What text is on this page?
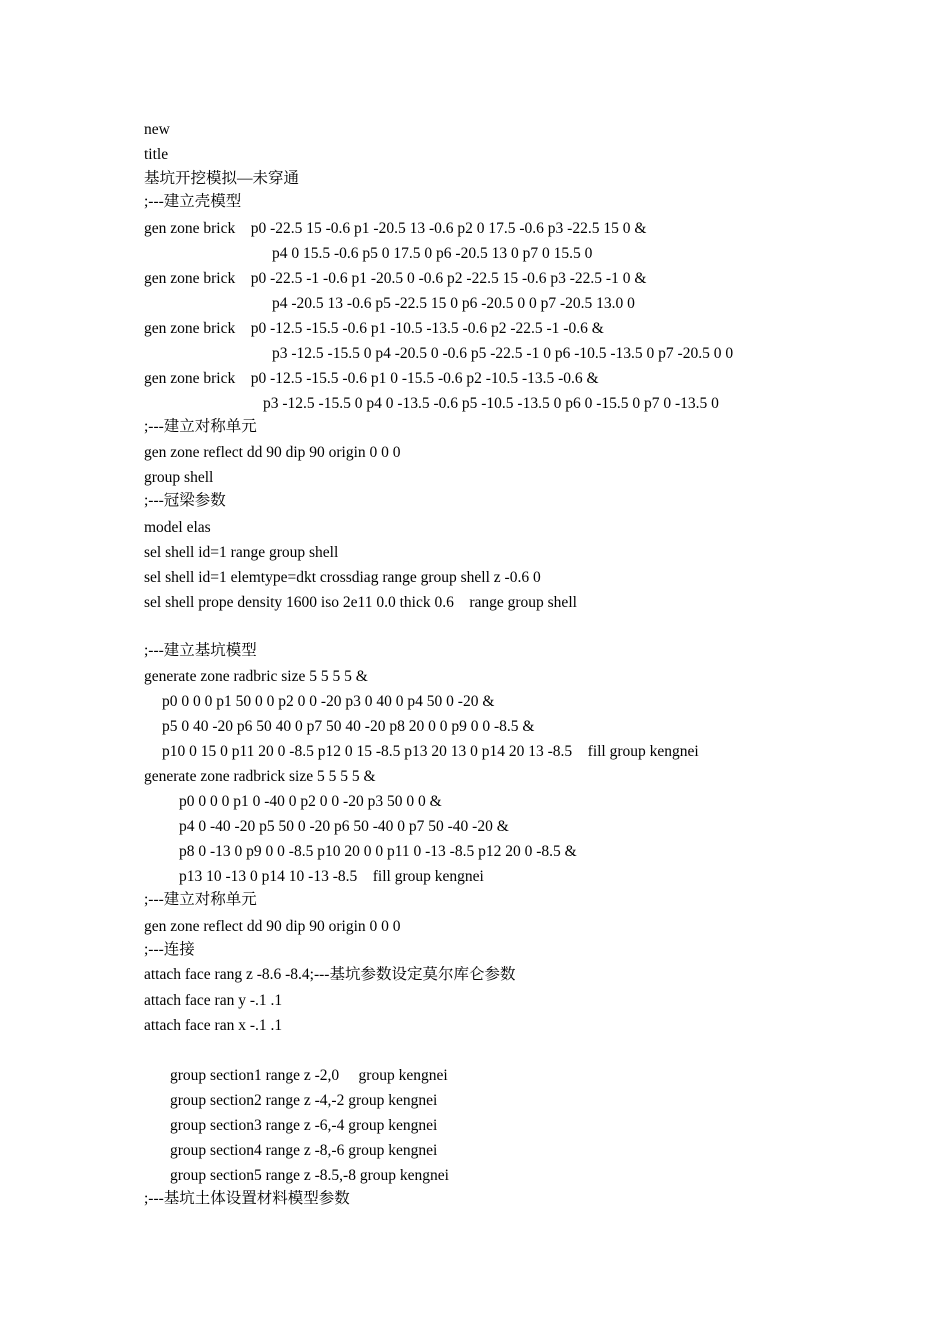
new
title
基坑开挖模拟—未穿通
;---建立壳模型
gen zone brick    p0 -22.5 15 -0.6 p1 -20.5 13 -0.6 p2 0 17.5 -0.6 p3 -22.5 15 0 &
p4 0 15.5 -0.6 p5 0 17.5 0 p6 -20.5 13 0 p7 0 15.5 0
gen zone brick    p0 -22.5 -1 -0.6 p1 -20.5 0 -0.6 p2 -22.5 15 -0.6 p3 -22.5 -1 0 &
p4 -20.5 13 -0.6 p5 -22.5 15 0 p6 -20.5 0 0 p7 -20.5 13.0 0
gen zone brick    p0 -12.5 -15.5 -0.6 p1 -10.5 -13.5 -0.6 p2 -22.5 -1 -0.6 &
p3 -12.5 -15.5 0 p4 -20.5 0 -0.6 p5 -22.5 -1 0 p6 -10.5 -13.5 0 p7 -20.5 0 0
gen zone brick    p0 -12.5 -15.5 -0.6 p1 0 -15.5 -0.6 p2 -10.5 -13.5 -0.6 &
p3 -12.5 -15.5 0 p4 0 -13.5 -0.6 p5 -10.5 -13.5 0 p6 0 -15.5 0 p7 0 -13.5 0
;---建立对称单元
gen zone reflect dd 90 dip 90 origin 0 0 0
group shell
;---冠梁参数
model elas
sel shell id=1 range group shell
sel shell id=1 elemtype=dkt crossdiag range group shell z -0.6 0
sel shell prope density 1600 iso 2e11 0.0 thick 0.6    range group shell
;---建立基坑模型
generate zone radbric size 5 5 5 5 &
p0 0 0 0 p1 50 0 0 p2 0 0 -20 p3 0 40 0 p4 50 0 -20 &
p5 0 40 -20 p6 50 40 0 p7 50 40 -20 p8 20 0 0 p9 0 0 -8.5 &
p10 0 15 0 p11 20 0 -8.5 p12 0 15 -8.5 p13 20 13 0 p14 20 13 -8.5    fill group kengnei
generate zone radbrick size 5 5 5 5 &
p0 0 0 0 p1 0 -40 0 p2 0 0 -20 p3 50 0 0 &
p4 0 -40 -20 p5 50 0 -20 p6 50 -40 0 p7 50 -40 -20 &
p8 0 -13 0 p9 0 0 -8.5 p10 20 0 0 p11 0 -13 -8.5 p12 20 0 -8.5 &
p13 10 -13 0 p14 10 -13 -8.5    fill group kengnei
;---建立对称单元
gen zone reflect dd 90 dip 90 origin 0 0 0
;---连接
attach face rang z -8.6 -8.4;---基坑参数设定莫尔库仑参数
attach face ran y -.1 .1
attach face ran x -.1 .1
group section1 range z -2,0     group kengnei
group section2 range z -4,-2 group kengnei
group section3 range z -6,-4 group kengnei
group section4 range z -8,-6 group kengnei
group section5 range z -8.5,-8 group kengnei
;---基坑土体设置材料模型参数
